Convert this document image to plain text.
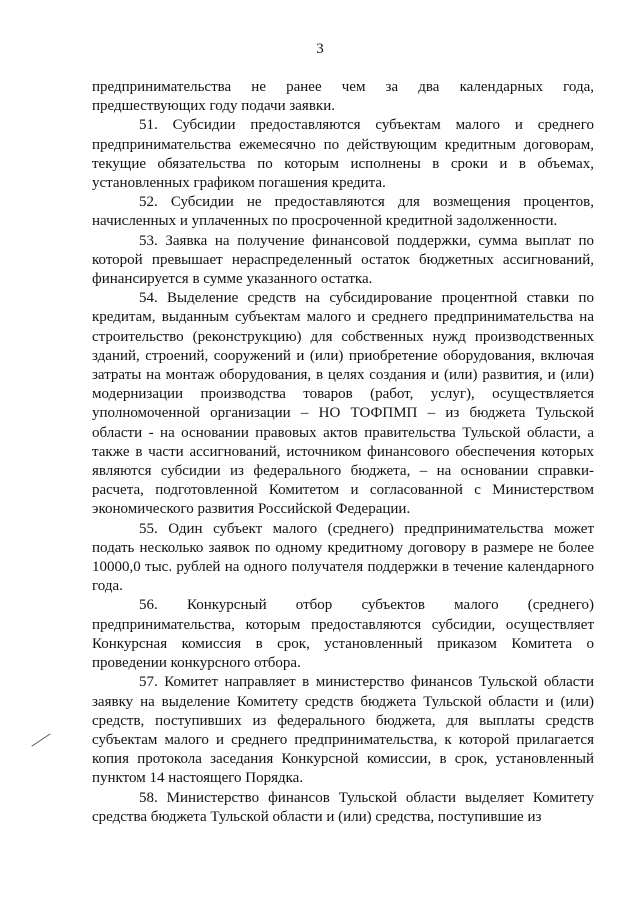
3

предпринимательства не ранее чем за два календарных года, предшествующих году подачи заявки.

51. Субсидии предоставляются субъектам малого и среднего предпринимательства ежемесячно по действующим кредитным договорам, текущие обязательства по которым исполнены в сроки и в объемах, установленных графиком погашения кредита.

52. Субсидии не предоставляются для возмещения процентов, начисленных и уплаченных по просроченной кредитной задолженности.

53. Заявка на получение финансовой поддержки, сумма выплат по которой превышает нераспределенный остаток бюджетных ассигнований, финансируется в сумме указанного остатка.

54. Выделение средств на субсидирование процентной ставки по кредитам, выданным субъектам малого и среднего предпринимательства на строительство (реконструкцию) для собственных нужд производственных зданий, строений, сооружений и (или) приобретение оборудования, включая затраты на монтаж оборудования, в целях создания и (или) развития, и (или) модернизации производства товаров (работ, услуг), осуществляется уполномоченной организации – НО ТОФПМП – из бюджета Тульской области - на основании правовых актов правительства Тульской области, а также в части ассигнований, источником финансового обеспечения которых являются субсидии из федерального бюджета, – на основании справки-расчета, подготовленной Комитетом и согласованной с Министерством экономического развития Российской Федерации.

55. Один субъект малого (среднего) предпринимательства может подать несколько заявок по одному кредитному договору в размере не более 10000,0 тыс. рублей на одного получателя поддержки в течение календарного года.

56. Конкурсный отбор субъектов малого (среднего) предпринимательства, которым предоставляются субсидии, осуществляет Конкурсная комиссия в срок, установленный приказом Комитета о проведении конкурсного отбора.

57. Комитет направляет в министерство финансов Тульской области заявку на выделение Комитету средств бюджета Тульской области и (или) средств, поступивших из федерального бюджета, для выплаты средств субъектам малого и среднего предпринимательства, к которой прилагается копия протокола заседания Конкурсной комиссии, в срок, установленный пунктом 14 настоящего Порядка.

58. Министерство финансов Тульской области выделяет Комитету средства бюджета Тульской области и (или) средства, поступившие из
